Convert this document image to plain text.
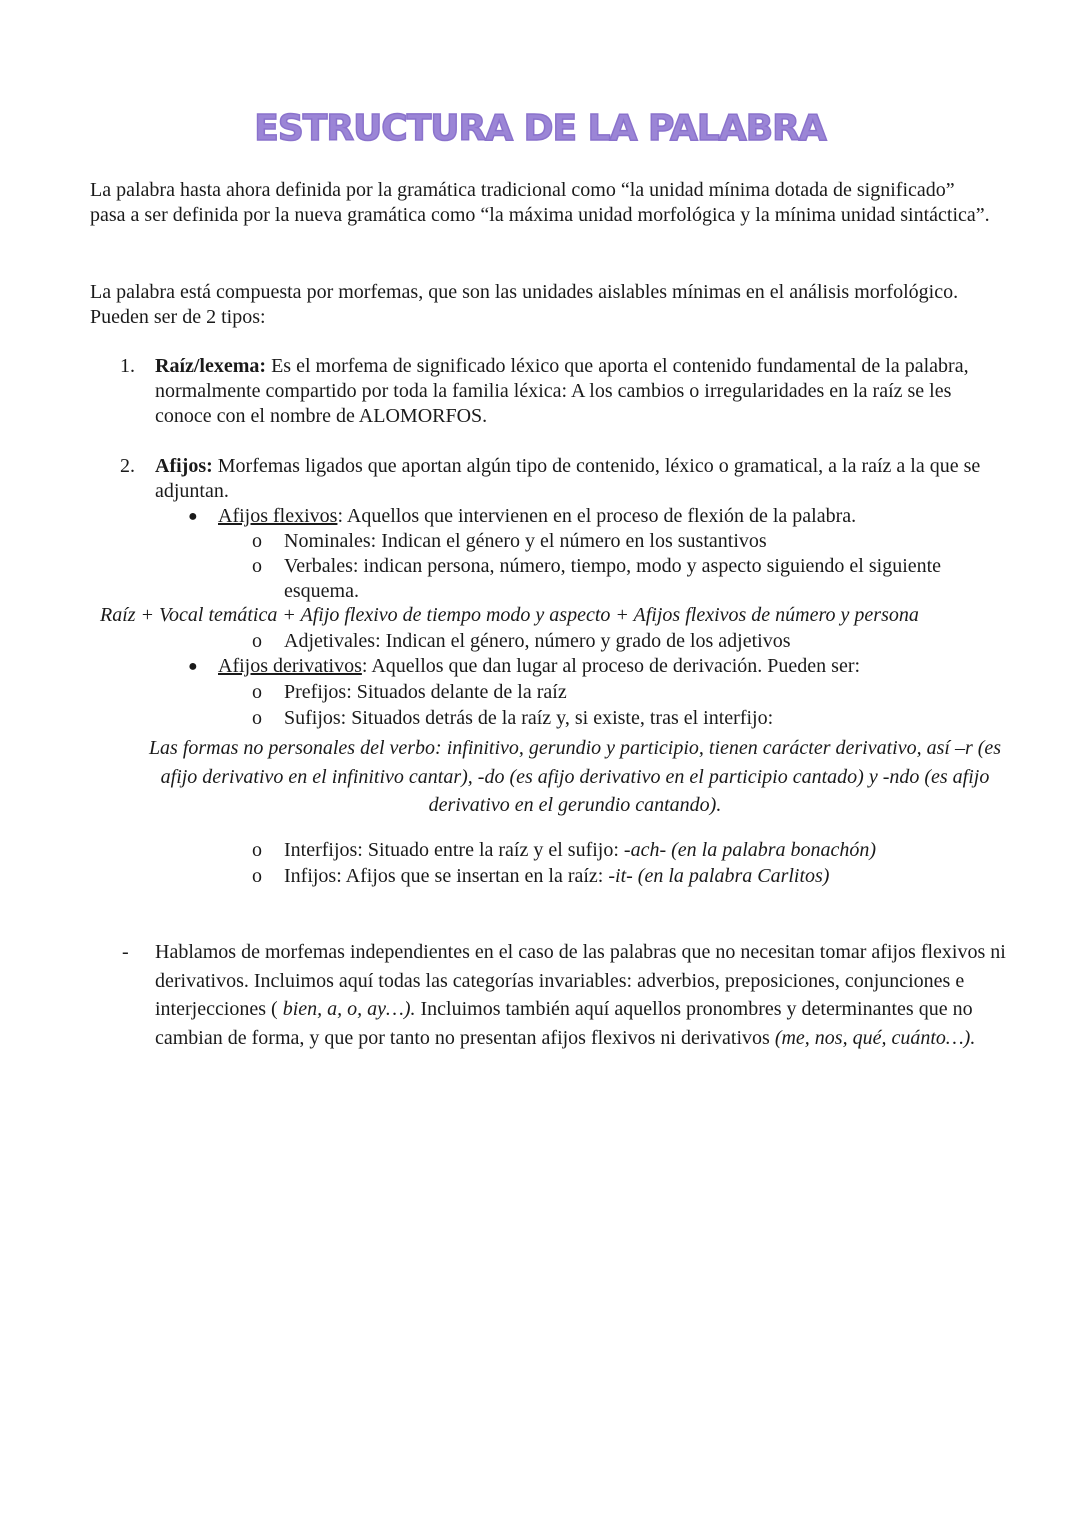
ESTRUCTURA DE LA PALABRA
La palabra hasta ahora definida por la gramática tradicional como “la unidad mínima dotada de significado” pasa a ser definida por la nueva gramática como “la máxima unidad morfológica y la mínima unidad sintáctica”.
La palabra está compuesta por morfemas, que son las unidades aislables mínimas en el análisis morfológico. Pueden ser de 2 tipos:
1. Raíz/lexema: Es el morfema de significado léxico que aporta el contenido fundamental de la palabra, normalmente compartido por toda la familia léxica: A los cambios o irregularidades en la raíz se les conoce con el nombre de ALOMORFOS.
2. Afijos: Morfemas ligados que aportan algún tipo de contenido, léxico o gramatical, a la raíz a la que se adjuntan.
● Afijos flexivos: Aquellos que intervienen en el proceso de flexión de la palabra.
o Nominales: Indican el género y el número en los sustantivos
o Verbales: indican persona, número, tiempo, modo y aspecto siguiendo el siguiente esquema.
Raíz + Vocal temática + Afijo flexivo de tiempo modo y aspecto + Afijos flexivos de número y persona
o Adjetivales: Indican el género, número y grado de los adjetivos
● Afijos derivativos: Aquellos que dan lugar al proceso de derivación. Pueden ser:
o Prefijos: Situados delante de la raíz
o Sufijos: Situados detrás de la raíz y, si existe, tras el interfijo:
Las formas no personales del verbo: infinitivo, gerundio y participio, tienen carácter derivativo, así –r (es afijo derivativo en el infinitivo cantar), -do (es afijo derivativo en el participio cantado) y -ndo (es afijo derivativo en el gerundio cantando).
o Interfijos: Situado entre la raíz y el sufijo: -ach- (en la palabra bonachón)
o Infijos: Afijos que se insertan en la raíz: -it- (en la palabra Carlitos)
- Hablamos de morfemas independientes en el caso de las palabras que no necesitan tomar afijos flexivos ni derivativos. Incluimos aquí todas las categorías invariables: adverbios, preposiciones, conjunciones e interjecciones ( bien, a, o, ay…). Incluimos también aquí aquellos pronombres y determinantes que no cambian de forma, y que por tanto no presentan afijos flexivos ni derivativos (me, nos, qué, cuánto…).
